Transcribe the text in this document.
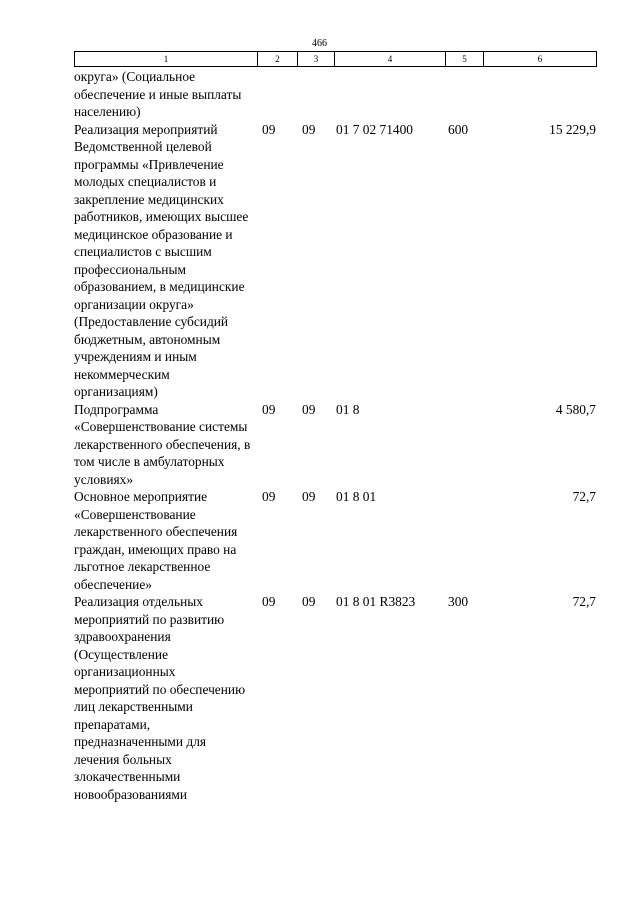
466
1	2	3	4	5	6
округа» (Социальное обеспечение и иные выплаты населению)					
Реализация мероприятий Ведомственной целевой программы «Привлечение молодых специалистов и закрепление медицинских работников, имеющих высшее медицинское образование и специалистов с высшим профессиональным образованием, в медицинские организации округа» (Предоставление субсидий бюджетным, автономным учреждениям и иным некоммерческим организациям)	09	09	01 7 02 71400	600	15 229,9
Подпрограмма «Совершенствование системы лекарственного обеспечения, в том числе в амбулаторных условиях»	09	09	01 8		4 580,7
Основное мероприятие «Совершенствование лекарственного обеспечения граждан, имеющих право на льготное лекарственное обеспечение»	09	09	01 8 01		72,7
Реализация отдельных мероприятий по развитию здравоохранения (Осуществление организационных мероприятий по обеспечению лиц лекарственными препаратами, предназначенными для лечения больных злокачественными новообразованиями	09	09	01 8 01 R3823	300	72,7
